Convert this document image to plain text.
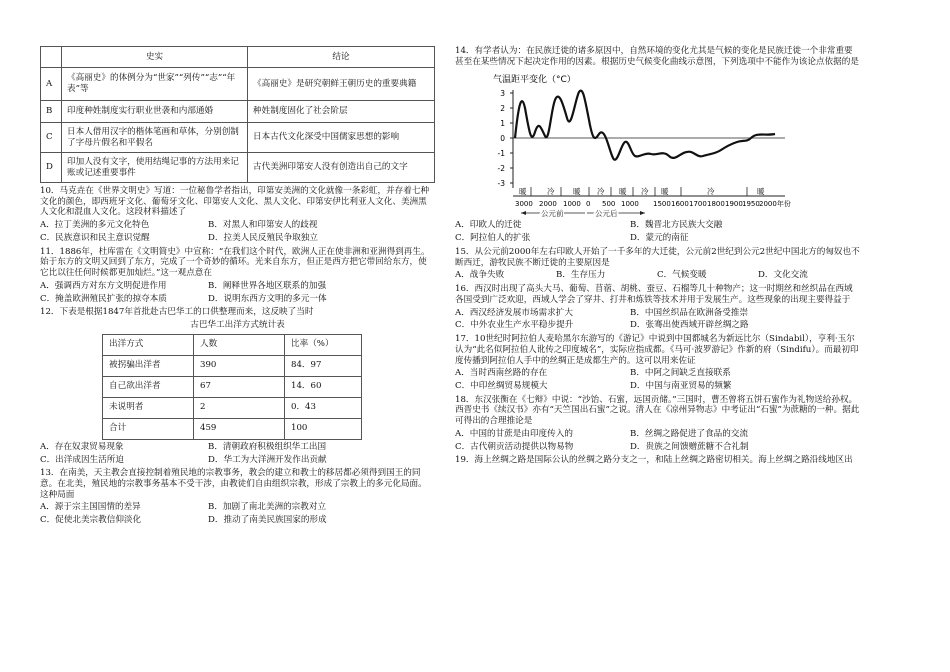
	史实	结论
A	《高丽史》的体例分为“世家”“列传”“志”“年表”等	《高丽史》是研究朝鲜王朝历史的重要典籍
B	印度种姓制度实行职业世袭和内部通婚	种姓制度固化了社会阶层
C	日本人借用汉字的楷体笔画和草体，分别创制了字母片假名和平假名	日本古代文化深受中国儒家思想的影响
D	印加人没有文字，使用结绳记事的方法用来记账或记述重要事件	古代美洲印第安人没有创造出自己的文字

10．马克垚在《世界文明史》写道：一位秘鲁学者指出，印第安美洲的文化就像一条彩虹，并存着七种文化的颜色，即西班牙文化、葡萄牙文化、印第安人文化、黑人文化、印第安伊比利亚人文化、美洲黑人文化和混血人文化。这段材料描述了

A．拉丁美洲的多元文化特色	B．对黑人和印第安人的歧视
C．民族意识和民主意识觉醒	D．拉美人民反殖民争取独立

11．1886年，杜库雷在《文明简史》中宣称：“在我们这个时代，欧洲人正在使非洲和亚洲得到再生。始于东方的文明又回到了东方，完成了一个奇妙的循环。光来自东方，但正是西方把它带回给东方，使它比以往任何时候都更加灿烂。”这一观点意在

A．强调西方对东方文明促进作用	B．阐释世界各地区联系的加强
C．掩盖欧洲殖民扩张的掠夺本质	D．说明东西方文明的多元一体

12．下表是根据1847年首批赴古巴华工的口供整理而来，这反映了当时

古巴华工出洋方式统计表
出洋方式	人数	比率（%）
被拐骗出洋者	390	84．97
自己欲出洋者	67	14．60
未说明者	2	0．43
合计	459	100
A．存在奴隶贸易现象	B．清朝政府积极组织华工出国
C．出洋成因生活所迫	D．华工为大洋洲开发作出贡献

13．在南美，天主教会直接控制着殖民地的宗教事务，教会的建立和教士的移居都必须得到国王的同意。在北美，殖民地的宗教事务基本不受干涉，由教徒们自由组织宗教，形成了宗教上的多元化局面。这种局面

A．源于宗主国国情的差异	B．加剧了南北美洲的宗教对立
C．促使北美宗教信仰淡化	D．推动了南美民族国家的形成

14．有学者认为：在民族迁徙的诸多原因中，自然环境的变化尤其是气候的变化是民族迁徙一个非常重要甚至在某些情况下起决定作用的因素。根据历史气候变化曲线示意图，下列选项中不能作为该论点依据的是

气温距平变化（°C）
3
2
1
0
-1
-2
-3
暖	冷 暖 冷 暖 冷 暖	冷	暖
3000 2000 1000 0 500 1000 1500 1600 1700 1800 1900 1950 2000年份
公元前	公元后
A．印欧人的迁徙	B．魏晋北方民族大交融
C．阿拉伯人的扩张	D．蒙元的南征

15．从公元前2000年左右印欧人开始了一千多年的大迁徙，公元前2世纪到公元2世纪中国北方的匈奴也不断西迁，游牧民族不断迁徙的主要原因是

A．战争失败	B．生存压力	C．气候变暖	D．文化交流

16．西汉时出现了高头大马、葡萄、苜蓿、胡桃、蚕豆、石榴等几十种物产；这一时期丝和丝织品在西域各国受到广泛欢迎，西域人学会了穿井、打井和炼铁等技术并用于发展生产。这些现象的出现主要得益于

A．西汉经济发展市场需求扩大	B．中国丝织品在欧洲备受推崇
C．中外农业生产水平稳步提升	D．张骞出使西域开辟丝绸之路

17．10世纪时阿拉伯人麦哈黑尔东游写的《游记》中说到中国都城名为新远比尔（Sindabil），亨利·玉尔认为“此名似阿拉伯人讹传之印度城名”，实际应指成都。《马可·波罗游记》作新的府（Sindifu）。而最初印度传播到阿拉伯人手中的丝绸正是成都生产的。这可以用来佐证

A．当时西南丝路的存在	B．中阿之间缺乏直接联系
C．中印丝绸贸易规模大	D．中国与南亚贸易的频繁

18．东汉张衡在《七辩》中说：“沙饴、石蜜，远国贡储。”三国时，曹丕曾将五饼石蜜作为礼物送给孙权。西晋史书《续汉书》亦有“天竺国出石蜜”之说。清人在《凉州异物志》中考证出“石蜜”为蔗糖的一种。据此可得出的合理推论是

A．中国的甘蔗是由印度传入的	B．丝绸之路促进了食品的交流
C．古代朝贡活动提供以物易物	D．贵族之间馈赠蔗糖不合礼制

19．海上丝绸之路是国际公认的丝绸之路分支之一，和陆上丝绸之路密切相关。海上丝绸之路沿线地区出
